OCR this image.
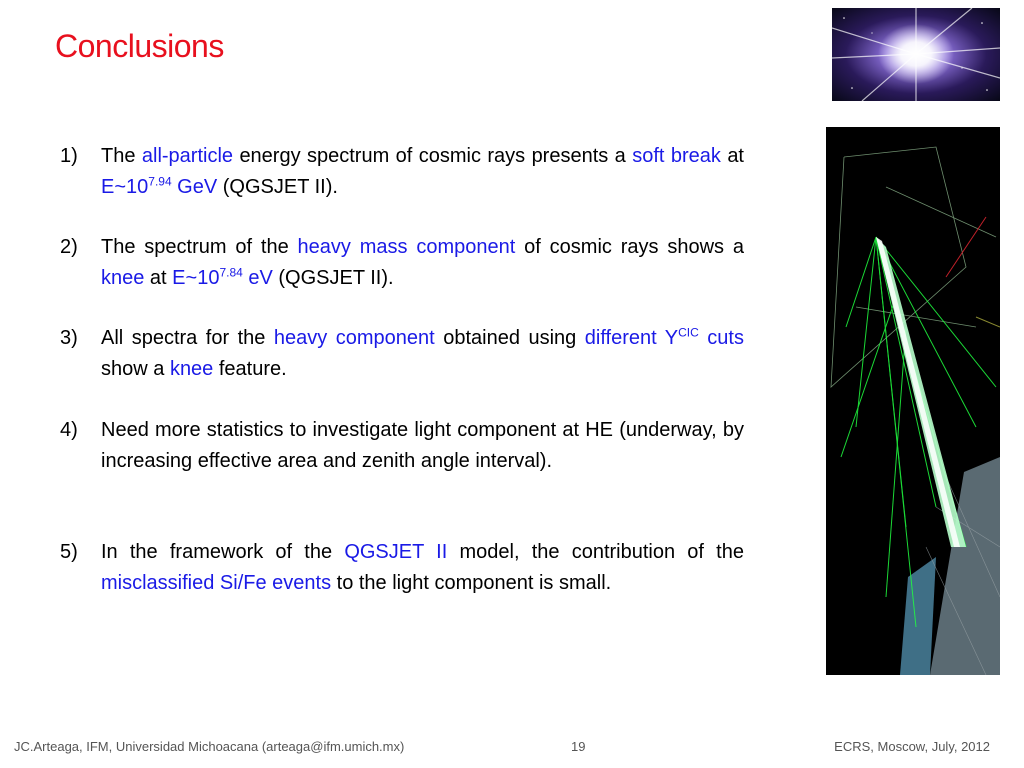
Conclusions
1) The all-particle energy spectrum of cosmic rays presents a soft break at $E\sim 10^{7.94}$ GeV (QGSJET II).
2) The spectrum of the heavy mass component of cosmic rays shows a knee at $E\sim 10^{7.84}$ eV (QGSJET II).
3) All spectra for the heavy component obtained using different $Y^{CIC}$ cuts show a knee feature.
4) Need more statistics to investigate light component at HE (underway, by increasing effective area and zenith angle interval).
5) In the framework of the QGSJET II model, the contribution of the misclassified Si/Fe events to the light component is small.
JC.Arteaga, IFM, Universidad Michoacana (arteaga@ifm.umich.mx)	19	ECRS, Moscow, July, 2012
